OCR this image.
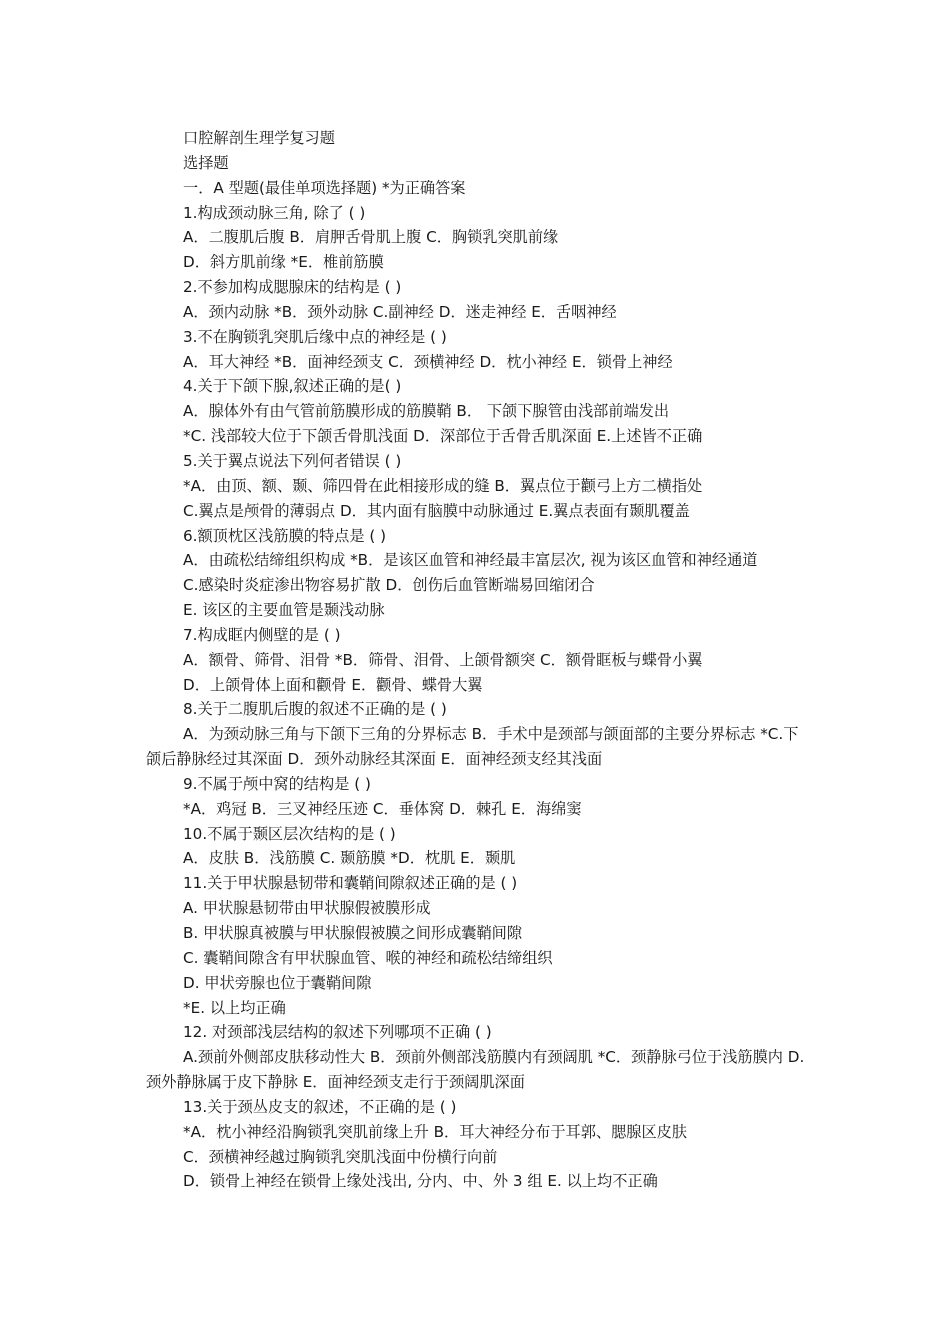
口腔解剖生理学复习题
选择题
一．A 型题(最佳单项选择题) *为正确答案
1.构成颈动脉三角, 除了 ( )
A．二腹肌后腹 B．肩胛舌骨肌上腹 C．胸锁乳突肌前缘
D．斜方肌前缘 *E．椎前筋膜
2.不参加构成腮腺床的结构是 ( )
A．颈内动脉 *B．颈外动脉 C.副神经 D．迷走神经 E．舌咽神经
3.不在胸锁乳突肌后缘中点的神经是 ( )
A．耳大神经 *B．面神经颈支 C．颈横神经 D．枕小神经 E．锁骨上神经
4.关于下颌下腺,叙述正确的是( )
A．腺体外有由气管前筋膜形成的筋膜鞘 B． 下颌下腺管由浅部前端发出
*C. 浅部较大位于下颌舌骨肌浅面 D．深部位于舌骨舌肌深面 E.上述皆不正确
5.关于翼点说法下列何者错误 ( )
*A．由顶、额、颞、筛四骨在此相接形成的缝 B．翼点位于颧弓上方二横指处
C.翼点是颅骨的薄弱点 D．其内面有脑膜中动脉通过 E.翼点表面有颞肌覆盖
6.额顶枕区浅筋膜的特点是 ( )
A．由疏松结缔组织构成 *B．是该区血管和神经最丰富层次, 视为该区血管和神经通道
C.感染时炎症渗出物容易扩散 D．创伤后血管断端易回缩闭合
E. 该区的主要血管是颞浅动脉
7.构成眶内侧壁的是 ( )
A．额骨、筛骨、泪骨 *B．筛骨、泪骨、上颌骨额突 C．额骨眶板与蝶骨小翼
D．上颌骨体上面和颧骨 E．颧骨、蝶骨大翼
8.关于二腹肌后腹的叙述不正确的是 ( )
A．为颈动脉三角与下颌下三角的分界标志 B．手术中是颈部与颌面部的主要分界标志 *C.下颌后静脉经过其深面 D．颈外动脉经其深面 E．面神经颈支经其浅面
9.不属于颅中窝的结构是 ( )
*A．鸡冠 B．三叉神经压迹 C．垂体窝 D．棘孔 E．海绵窦
10.不属于颞区层次结构的是 ( )
A．皮肤 B．浅筋膜 C. 颞筋膜 *D．枕肌 E．颞肌
11.关于甲状腺悬韧带和囊鞘间隙叙述正确的是 ( )
A. 甲状腺悬韧带由甲状腺假被膜形成
B. 甲状腺真被膜与甲状腺假被膜之间形成囊鞘间隙
C. 囊鞘间隙含有甲状腺血管、喉的神经和疏松结缔组织
D. 甲状旁腺也位于囊鞘间隙
*E. 以上均正确
12. 对颈部浅层结构的叙述下列哪项不正确 ( )
A.颈前外侧部皮肤移动性大 B．颈前外侧部浅筋膜内有颈阔肌 *C．颈静脉弓位于浅筋膜内 D.颈外静脉属于皮下静脉 E．面神经颈支走行于颈阔肌深面
13.关于颈丛皮支的叙述，不正确的是 ( )
*A．枕小神经沿胸锁乳突肌前缘上升 B．耳大神经分布于耳郭、腮腺区皮肤
C．颈横神经越过胸锁乳突肌浅面中份横行向前
D．锁骨上神经在锁骨上缘处浅出, 分内、中、外 3 组 E. 以上均不正确
